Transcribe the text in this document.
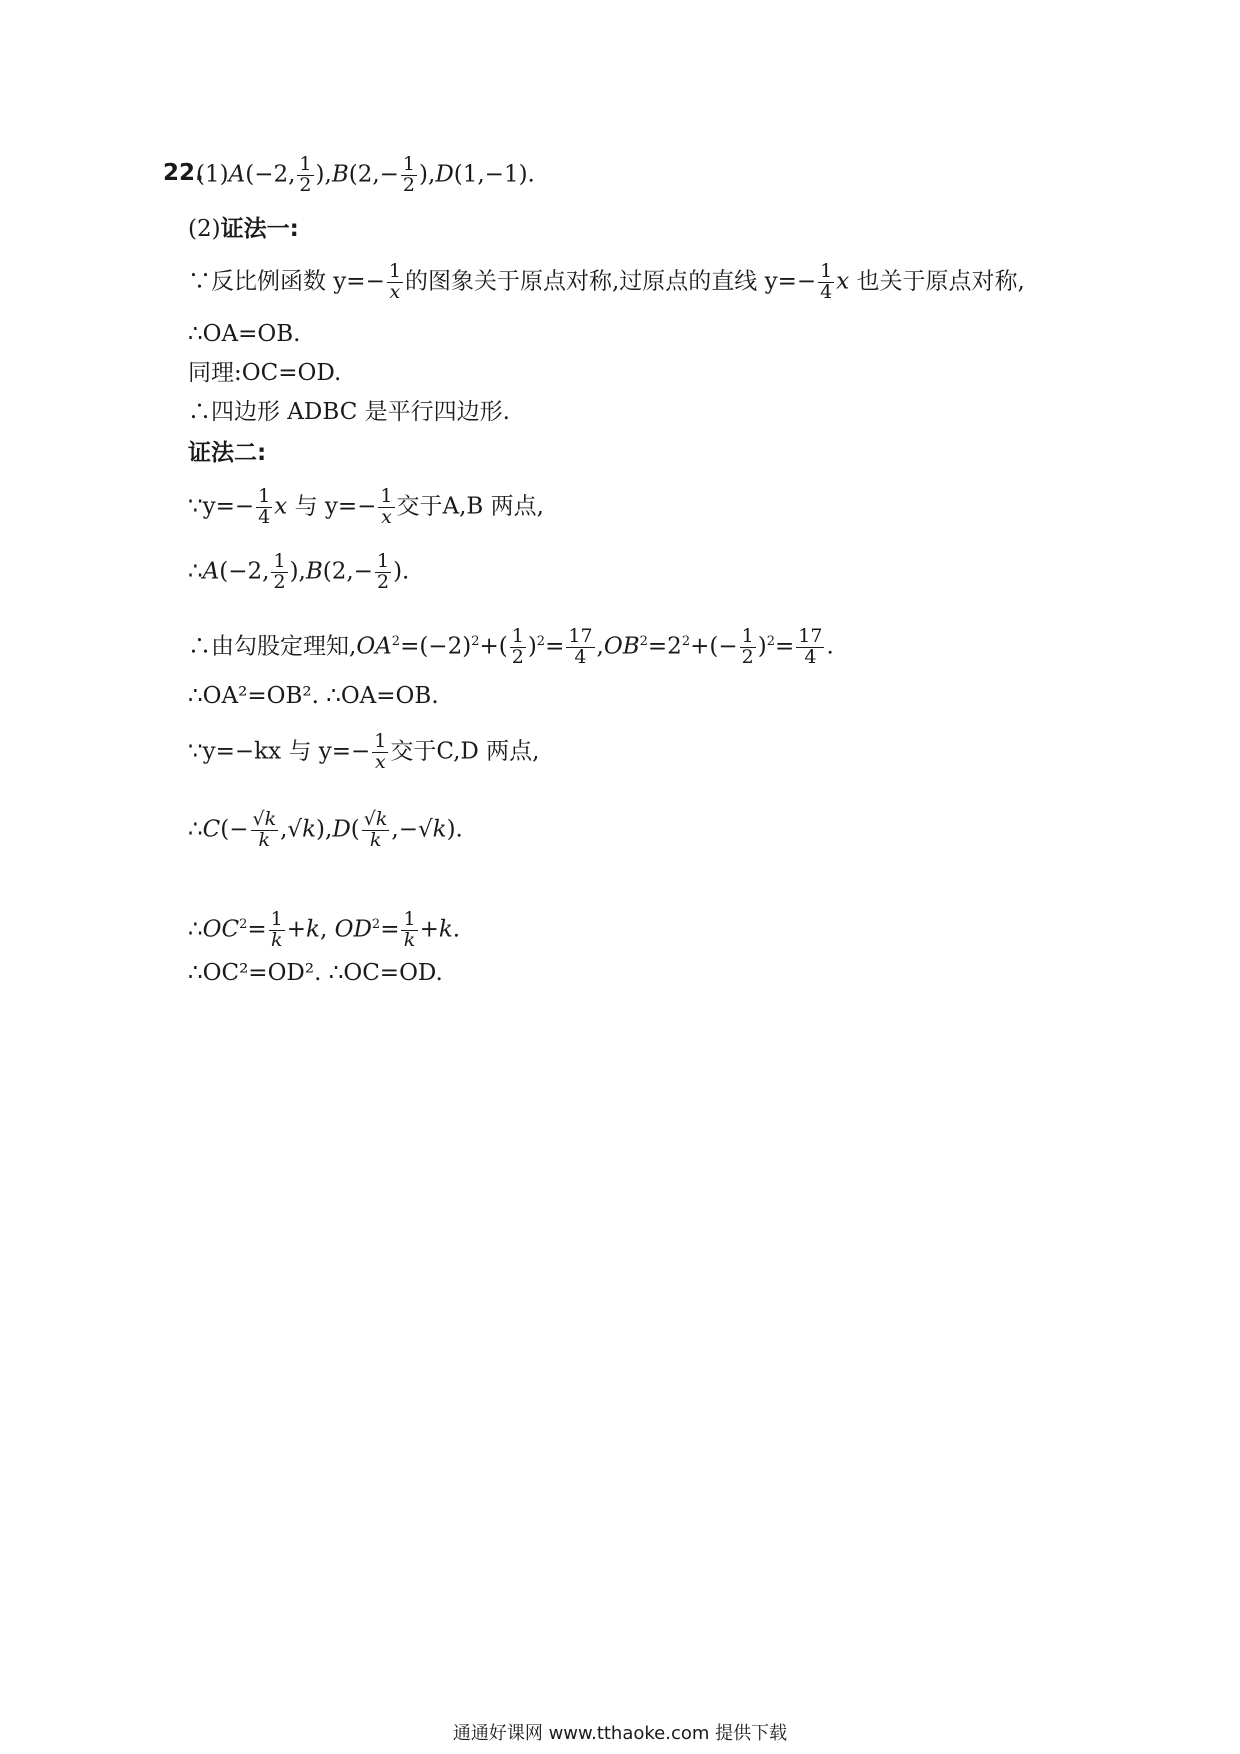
22.
(1)A(−2, $\frac{1}{2} ),B(2,- \frac{1}{2} ),D(1,-1)$.
(2)证法一:
∵反比例函数 $y=- \frac{1}{x}$ 的图象关于原点对称,过原点的直线 $y=- \frac{1}{4}$ x 也关于原点对称,
∴OA=OB.
同理:OC=OD.
∴四边形 ADBC 是平行四边形.
证法二:
∵y=− $\frac{1}{4}$ x 与 $y=- \frac{1}{x}$ 交于A,B 两点,
∴A(−2, $\frac{1}{2} ),B(2,- \frac{1}{2}$ ).
∴由勾股定理知$,OA^2=(-2)^2+( \frac{1}{2} )^2= \frac{17}{4} ,OB^2=2^2+(- \frac{1}{2} )^2= \frac{17}{4}$ .
∴OA²=OB². ∴OA=OB.
∵y=−kx 与 $y=- \frac{1}{x}$ 交于C,D 两点,
∴C(− $\frac{√k}{k} ,√k),D( \frac{√k}{k} ,-√k)$.
$\therefore OC^2= \frac{1}{k} +k$, $OD^2= \frac{1}{k} +k$.
∴OC²=OD². ∴OC=OD.
通通好课网 www.tthaoke.com 提供下载
